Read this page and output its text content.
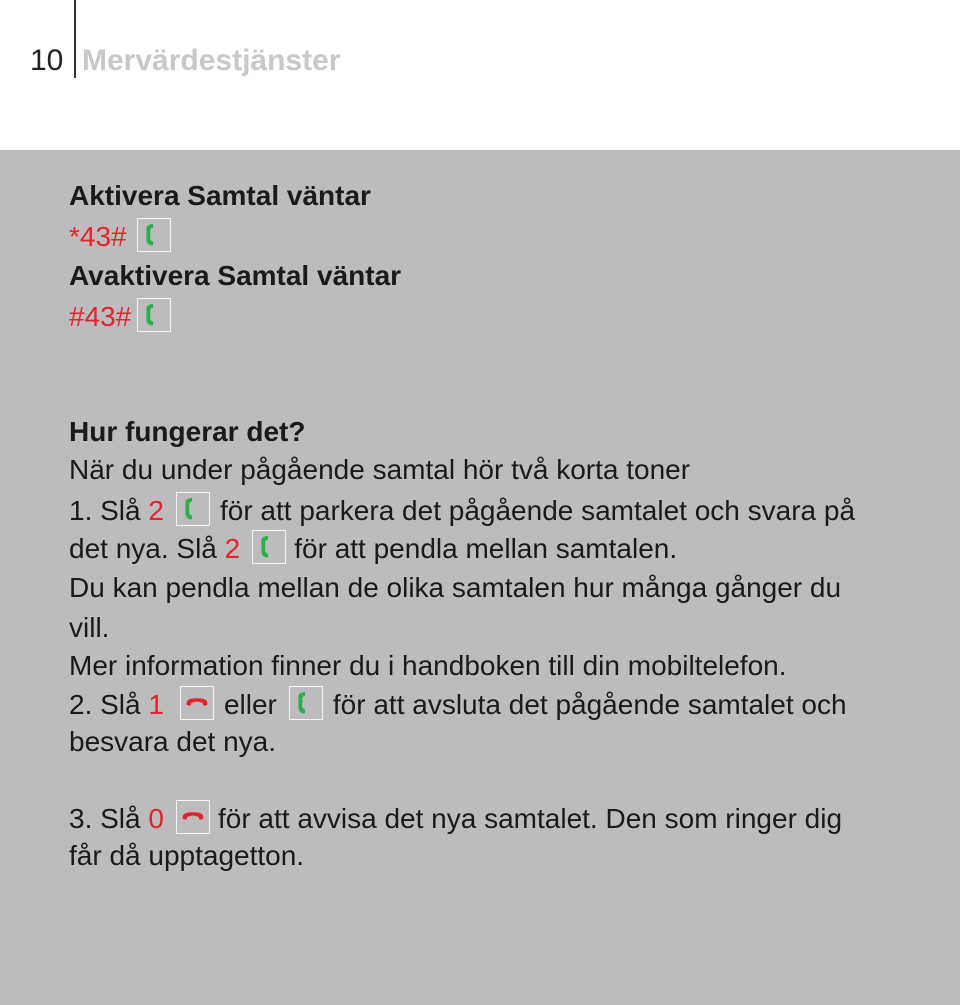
10 Mervärdestjänster
Aktivera Samtal väntar
*43#
Avaktivera Samtal väntar
#43#
Hur fungerar det?
När du under pågående samtal hör två korta toner
1. Slå 2 för att parkera det pågående samtalet och svara på
det nya. Slå 2 för att pendla mellan samtalen.
Du kan pendla mellan de olika samtalen hur många gånger du
vill.
Mer information finner du i handboken till din mobiltelefon.
2. Slå 1 eller för att avsluta det pågående samtalet och
besvara det nya.
3. Slå 0 för att avvisa det nya samtalet. Den som ringer dig
får då upptagetton.
